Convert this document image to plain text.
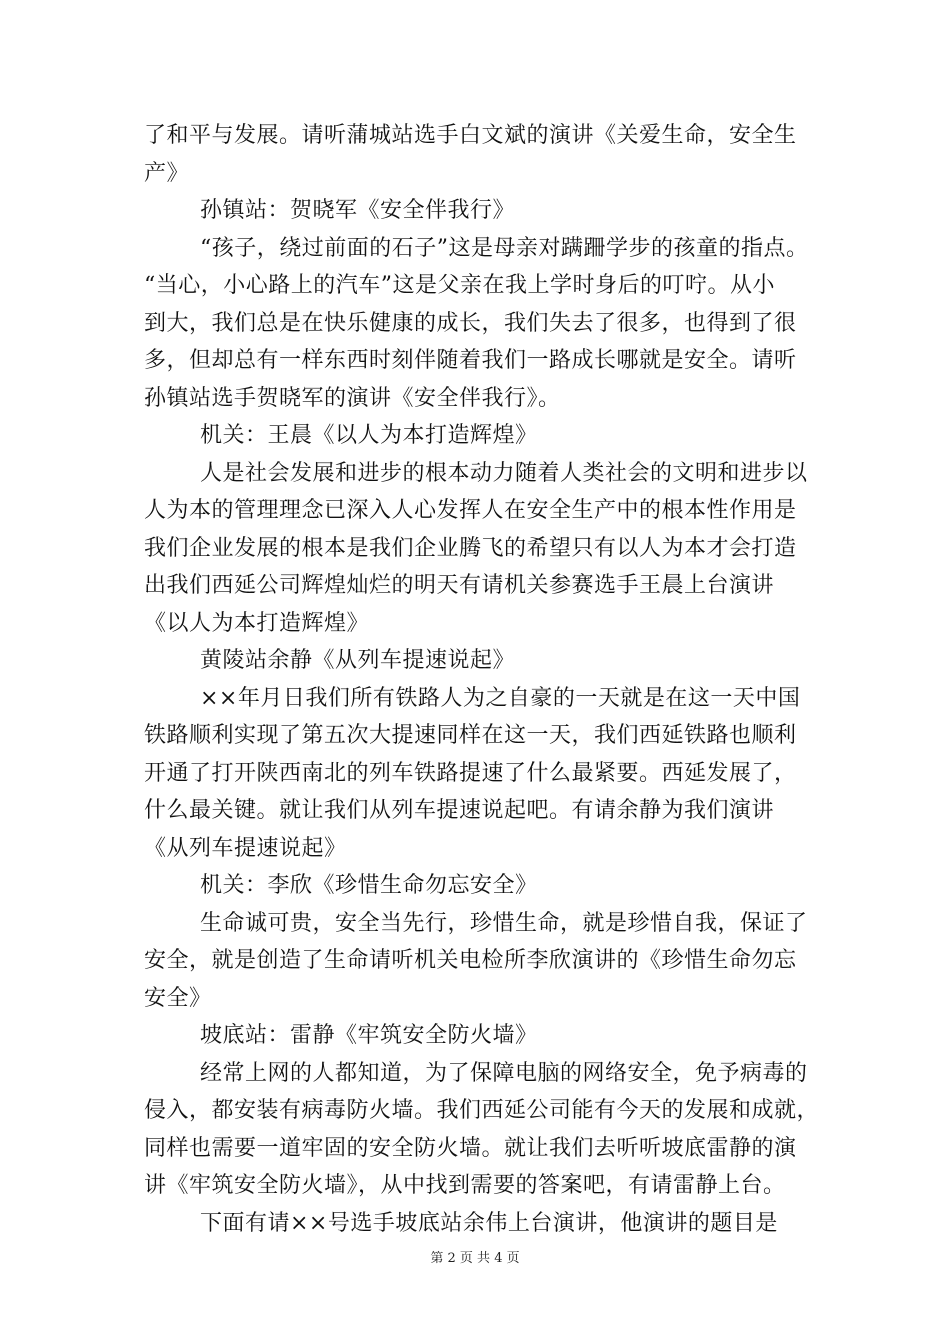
了和平与发展。请听蒲城站选手白文斌的演讲《关爱生命，安全生
产》
孙镇站：贺晓军《安全伴我行》
“孩子，绕过前面的石子”这是母亲对蹒跚学步的孩童的指点。
“当心，小心路上的汽车”这是父亲在我上学时身后的叮咛。从小
到大，我们总是在快乐健康的成长，我们失去了很多，也得到了很
多，但却总有一样东西时刻伴随着我们一路成长哪就是安全。请听
孙镇站选手贺晓军的演讲《安全伴我行》。
机关：王晨《以人为本打造辉煌》
人是社会发展和进步的根本动力随着人类社会的文明和进步以
人为本的管理理念已深入人心发挥人在安全生产中的根本性作用是
我们企业发展的根本是我们企业腾飞的希望只有以人为本才会打造
出我们西延公司辉煌灿烂的明天有请机关参赛选手王晨上台演讲
《以人为本打造辉煌》
黄陵站余静《从列车提速说起》
××年月日我们所有铁路人为之自豪的一天就是在这一天中国
铁路顺利实现了第五次大提速同样在这一天，我们西延铁路也顺利
开通了打开陕西南北的列车铁路提速了什么最紧要。西延发展了，
什么最关键。就让我们从列车提速说起吧。有请余静为我们演讲
《从列车提速说起》
机关：李欣《珍惜生命勿忘安全》
生命诚可贵，安全当先行，珍惜生命，就是珍惜自我，保证了
安全，就是创造了生命请听机关电检所李欣演讲的《珍惜生命勿忘
安全》
坡底站：雷静《牢筑安全防火墙》
经常上网的人都知道，为了保障电脑的网络安全，免予病毒的
侵入，都安装有病毒防火墙。我们西延公司能有今天的发展和成就，
同样也需要一道牢固的安全防火墙。就让我们去听听坡底雷静的演
讲《牢筑安全防火墙》，从中找到需要的答案吧，有请雷静上台。
下面有请××号选手坡底站余伟上台演讲，他演讲的题目是
第 2 页 共 4 页
